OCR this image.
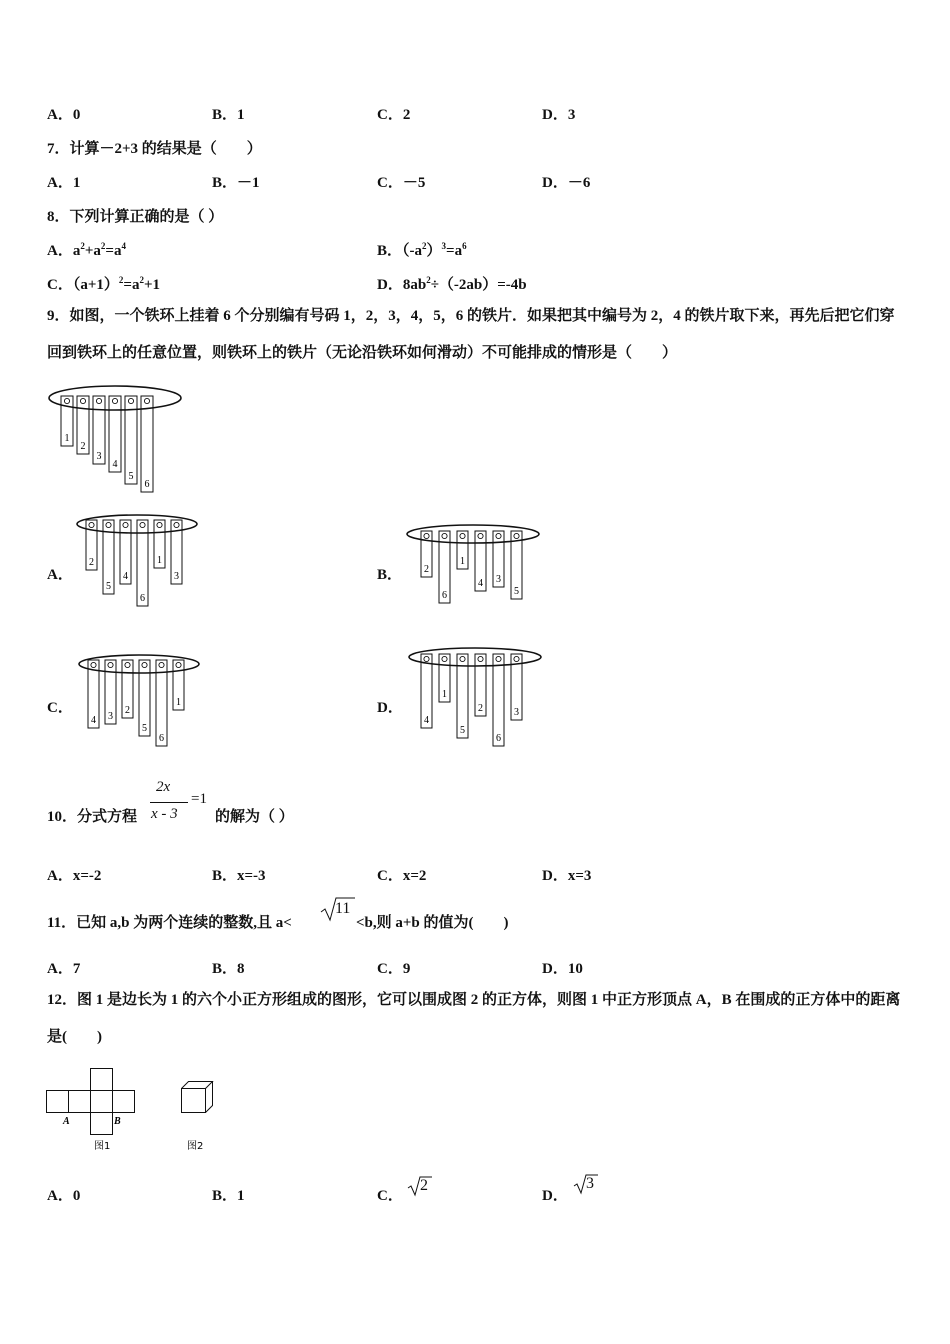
A．0	B．1	C．2	D．3
7．计算－2+3 的结果是（　　）
A．1	B．－1	C．－5	D．－6
8．下列计算正确的是（ ）
A．$a^2+a^2=a^4$	B．$(-a^2)^3=a^6$
C．$(a+1)^2=a^2+1$	D．$8ab^2\div(-2ab)=-4b$
9．如图，一个铁环上挂着 6 个分别编有号码 1，2，3，4，5，6 的铁片．如果把其中编号为 2，4 的铁片取下来，再先后把它们穿回到铁环上的任意位置，则铁环上的铁片（无论沿铁环如何滑动）不可能排成的情形是（　　）
1
2
3
4
5
6
A．
2
5
4
6
1
3	B． 2
6
1
4 3
5
C．
4 3
2
5
6
1	D．
4
1
5
2
6
3
10．分式方程
2x
x - 3
=1
的解为（ ）
A．x=-2	B．x=-3	C．x=2	D．x=3
11．已知 a,b 为两个连续的整数,且 a<
11
<b,则 a+b 的值为(　　)
A．7	B．8	C．9	D．10
12．图 1 是边长为 1 的六个小正方形组成的图形，它可以围成图 2 的正方体，则图 1 中正方形顶点 A，B 在围成的正方体中的距离是(　　)
A	B
图1	图2
A．0	B．1	C．
2
D．
3
